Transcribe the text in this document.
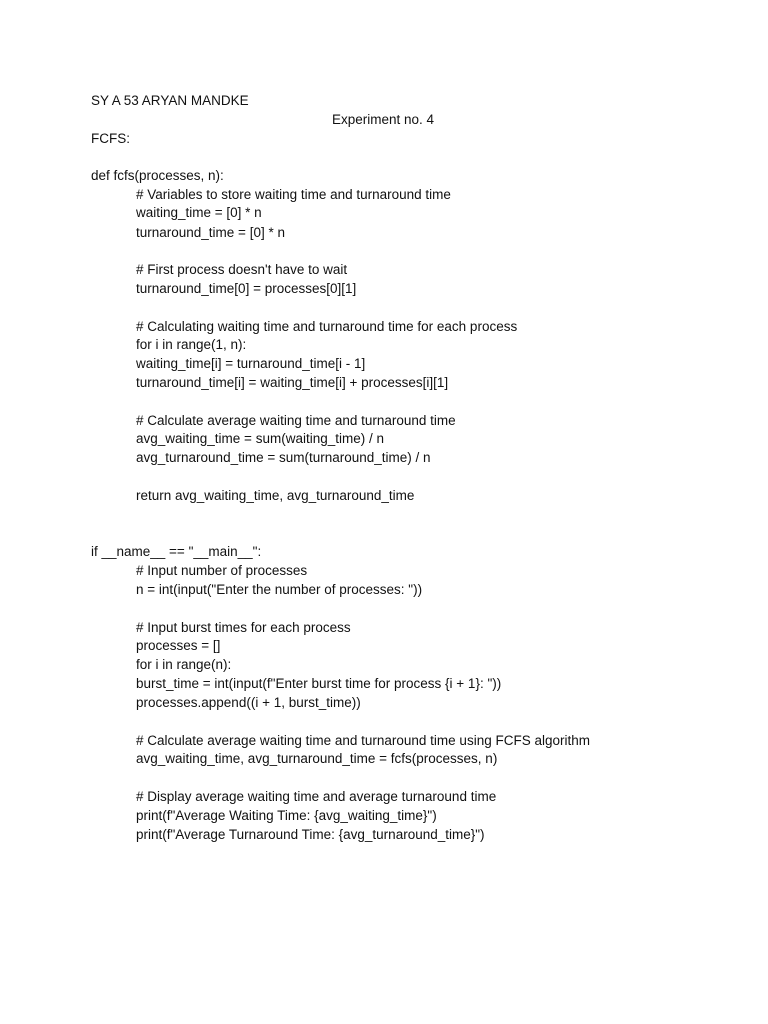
SY A 53 ARYAN MANDKE

Experiment no. 4

FCFS:

def fcfs(processes, n):

# Variables to store waiting time and turnaround time

waiting_time = [0] * n

turnaround_time = [0] * n

# First process doesn't have to wait

turnaround_time[0] = processes[0][1]

# Calculating waiting time and turnaround time for each process

for i in range(1, n):

waiting_time[i] = turnaround_time[i - 1]

turnaround_time[i] = waiting_time[i] + processes[i][1]

# Calculate average waiting time and turnaround time

avg_waiting_time = sum(waiting_time) / n

avg_turnaround_time = sum(turnaround_time) / n

return avg_waiting_time, avg_turnaround_time

if __name__ == "__main__":

# Input number of processes

n = int(input("Enter the number of processes: "))

# Input burst times for each process

processes = []

for i in range(n):

burst_time = int(input(f"Enter burst time for process {i + 1}: "))

processes.append((i + 1, burst_time))

# Calculate average waiting time and turnaround time using FCFS algorithm

avg_waiting_time, avg_turnaround_time = fcfs(processes, n)

# Display average waiting time and average turnaround time

print(f"Average Waiting Time: {avg_waiting_time}")

print(f"Average Turnaround Time: {avg_turnaround_time}")
